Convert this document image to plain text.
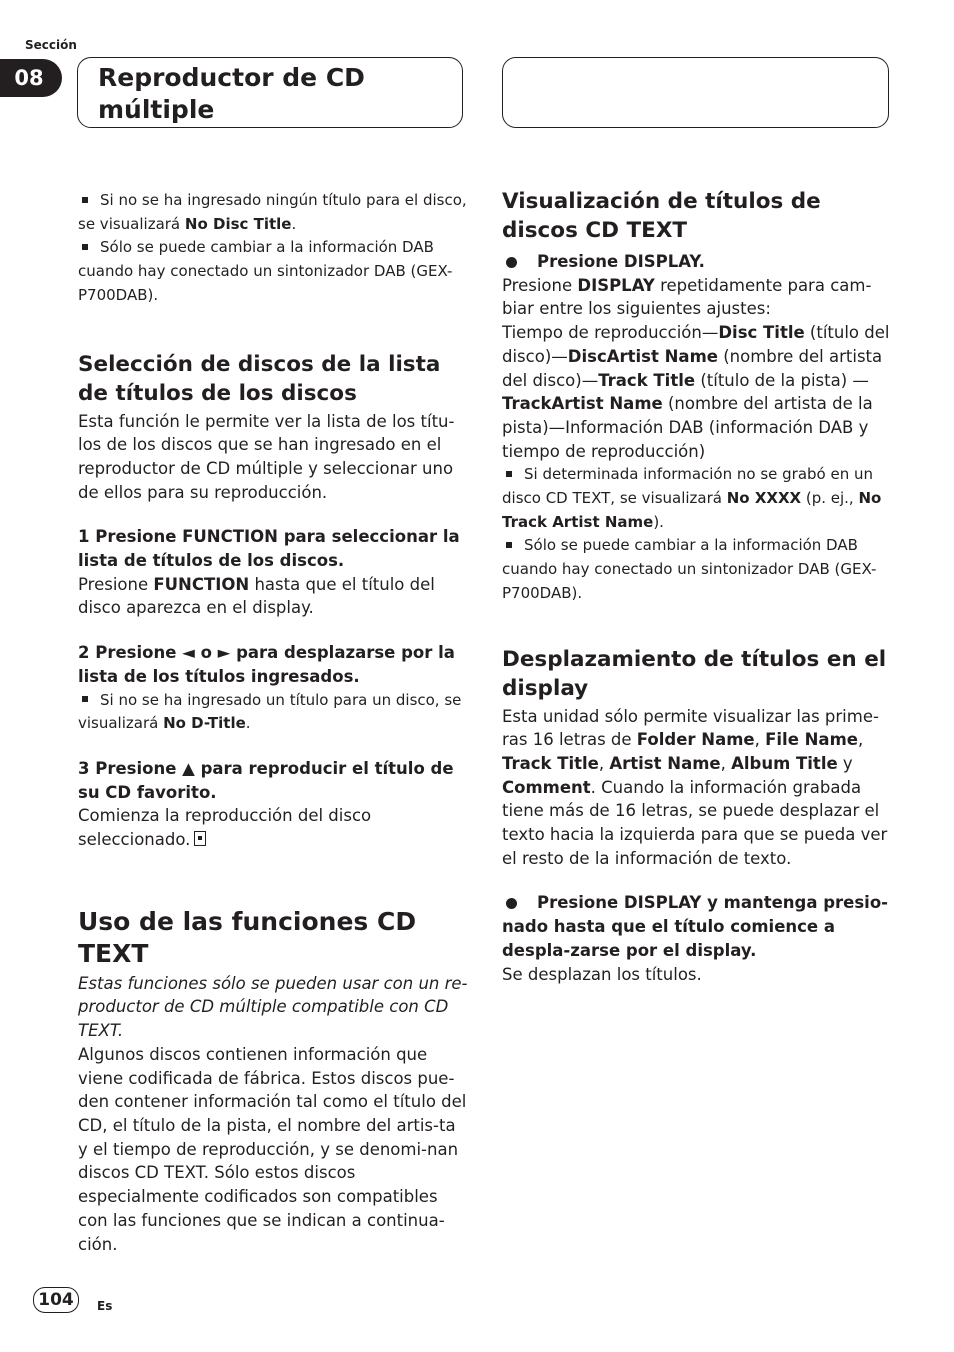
Sección
08	Reproductor de CD múltiple

Si no se ha ingresado ningún título para el disco, se visualizará No Disc Title.

Sólo se puede cambiar a la información DAB cuando hay conectado un sintonizador DAB (GEX-P700DAB).

Selección de discos de la lista de títulos de los discos

Esta función le permite ver la lista de los títu-los de los discos que se han ingresado en el reproductor de CD múltiple y seleccionar uno de ellos para su reproducción.

1 Presione FUNCTION para seleccionar la lista de títulos de los discos.

Presione FUNCTION hasta que el título del disco aparezca en el display.

2 Presione ◄ o ► para desplazarse por la lista de los títulos ingresados.

Si no se ha ingresado un título para un disco, se visualizará No D-Title.

3 Presione ▲ para reproducir el título de su CD favorito.

Comienza la reproducción del disco seleccionado.

Uso de las funciones CD TEXT

Estas funciones sólo se pueden usar con un re-productor de CD múltiple compatible con CD TEXT.

Algunos discos contienen información que viene codificada de fábrica. Estos discos pue-den contener información tal como el título del CD, el título de la pista, el nombre del artis-ta y el tiempo de reproducción, y se denomi-nan discos CD TEXT. Sólo estos discos especialmente codificados son compatibles con las funciones que se indican a continua-ción.

Visualización de títulos de discos CD TEXT

Presione DISPLAY.

Presione DISPLAY repetidamente para cam-biar entre los siguientes ajustes:

Tiempo de reproducción—Disc Title (título del disco)—DiscArtist Name (nombre del artista del disco)—Track Title (título de la pista) —TrackArtist Name (nombre del artista de la pista)—Información DAB (información DAB y tiempo de reproducción)

Si determinada información no se grabó en un disco CD TEXT, se visualizará No XXXX (p. ej., No Track Artist Name).

Sólo se puede cambiar a la información DAB cuando hay conectado un sintonizador DAB (GEX-P700DAB).

Desplazamiento de títulos en el display

Esta unidad sólo permite visualizar las prime-ras 16 letras de Folder Name, File Name, Track Title, Artist Name, Album Title y Comment. Cuando la información grabada tiene más de 16 letras, se puede desplazar el texto hacia la izquierda para que se pueda ver el resto de la información de texto.

Presione DISPLAY y mantenga presio-nado hasta que el título comience a despla-zarse por el display.

Se desplazan los títulos.

104	Es
